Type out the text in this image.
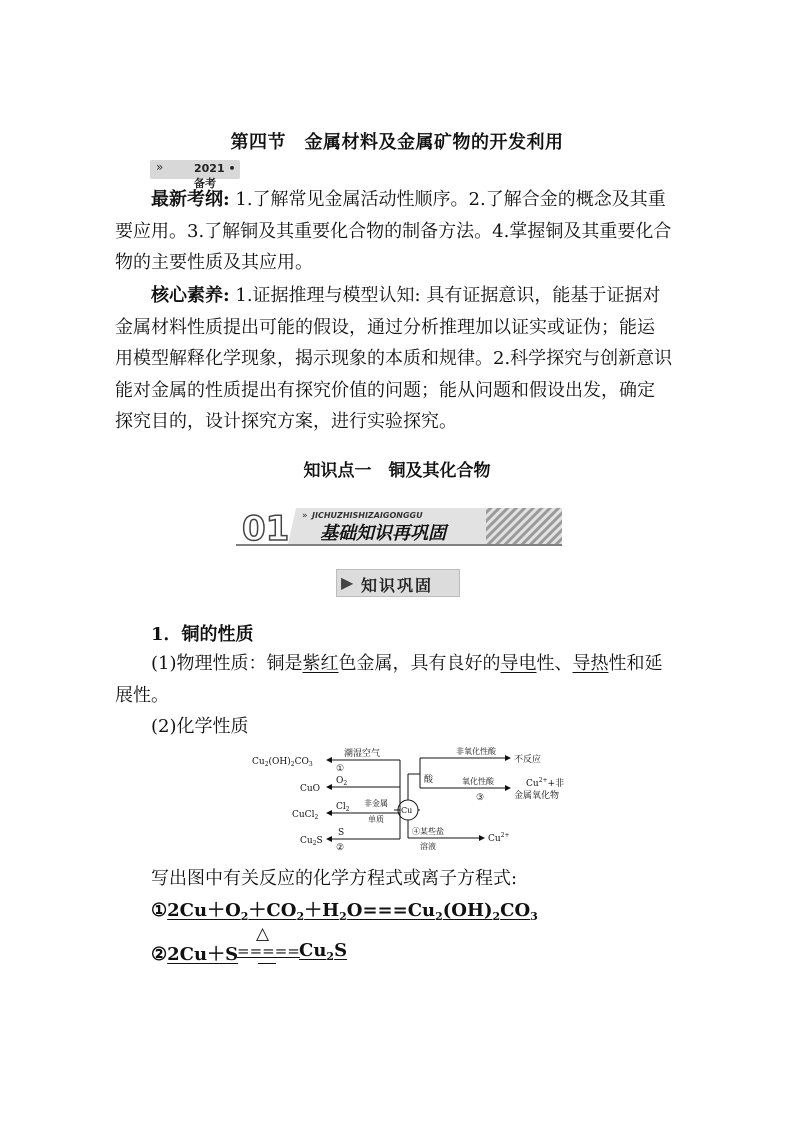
第四节　金属材料及金属矿物的开发利用
»	2021 • 备考
最新考纲: 1.了解常见金属活动性顺序。2.了解合金的概念及其重
要应用。3.了解铜及其重要化合物的制备方法。4.掌握铜及其重要化合
物的主要性质及其应用。
核心素养: 1.证据推理与模型认知: 具有证据意识，能基于证据对
金属材料性质提出可能的假设，通过分析推理加以证实或证伪；能运
用模型解释化学现象，揭示现象的本质和规律。2.科学探究与创新意识
能对金属的性质提出有探究价值的问题；能从问题和假设出发，确定
探究目的，设计探究方案，进行实验探究。
知识点一　铜及其化合物
01	JICHUZHISHIZAIGONGGU
基础知识再巩固
»
▶ 知识巩固
1．铜的性质
(1)物理性质：铜是紫红色金属，具有良好的导电性、导热性和延
展性。
(2)化学性质
$Cu_2(OH)_2CO_3$
潮湿空气
①
CuO
$O_2$
CuCl$_2$
$Cl_2$
非金属
单质
$Cu_2S$
S
②
Cu
酸
非氧化性酸
不反应
氧化性酸
③
$Cu^{2+}+$非
金属氧化物
④某些盐
溶液
$Cu^{2+}$
写出图中有关反应的化学方程式或离子方程式:
$①2Cu+O_2+CO_2+H_2O===Cu_2(OH)_2CO_3$
②2Cu＋S
△
===== $Cu_2S$
